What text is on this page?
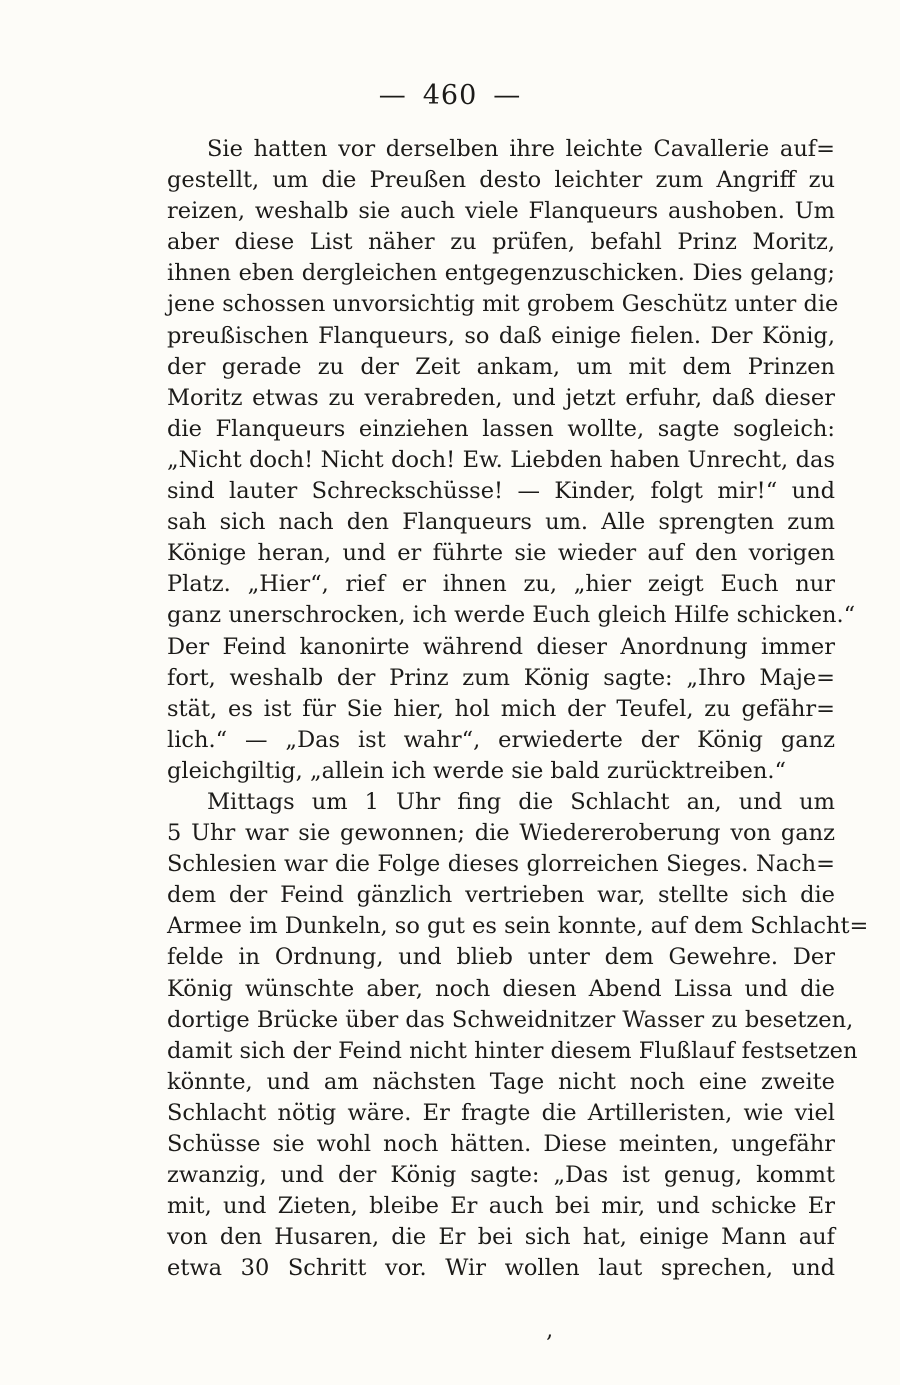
— 460 —
Sie hatten vor derselben ihre leichte Cavallerie auf=
gestellt, um die Preußen desto leichter zum Angriff zu
reizen, weshalb sie auch viele Flanqueurs aushoben. Um
aber diese List näher zu prüfen, befahl Prinz Moritz,
ihnen eben dergleichen entgegenzuschicken. Dies gelang;
jene schossen unvorsichtig mit grobem Geschütz unter die
preußischen Flanqueurs, so daß einige fielen. Der König,
der gerade zu der Zeit ankam, um mit dem Prinzen
Moritz etwas zu verabreden, und jetzt erfuhr, daß dieser
die Flanqueurs einziehen lassen wollte, sagte sogleich:
„Nicht doch! Nicht doch! Ew. Liebden haben Unrecht, das
sind lauter Schreckschüsse! — Kinder, folgt mir!“ und
sah sich nach den Flanqueurs um. Alle sprengten zum
Könige heran, und er führte sie wieder auf den vorigen
Platz. „Hier“, rief er ihnen zu, „hier zeigt Euch nur
ganz unerschrocken, ich werde Euch gleich Hilfe schicken.“
Der Feind kanonirte während dieser Anordnung immer
fort, weshalb der Prinz zum König sagte: „Ihro Maje=
stät, es ist für Sie hier, hol mich der Teufel, zu gefähr=
lich.“ — „Das ist wahr“, erwiederte der König ganz
gleichgiltig, „allein ich werde sie bald zurücktreiben.“
Mittags um 1 Uhr fing die Schlacht an, und um
5 Uhr war sie gewonnen; die Wiedereroberung von ganz
Schlesien war die Folge dieses glorreichen Sieges. Nach=
dem der Feind gänzlich vertrieben war, stellte sich die
Armee im Dunkeln, so gut es sein konnte, auf dem Schlacht=
felde in Ordnung, und blieb unter dem Gewehre. Der
König wünschte aber, noch diesen Abend Lissa und die
dortige Brücke über das Schweidnitzer Wasser zu besetzen,
damit sich der Feind nicht hinter diesem Flußlauf festsetzen
könnte, und am nächsten Tage nicht noch eine zweite
Schlacht nötig wäre. Er fragte die Artilleristen, wie viel
Schüsse sie wohl noch hätten. Diese meinten, ungefähr
zwanzig, und der König sagte: „Das ist genug, kommt
mit, und Zieten, bleibe Er auch bei mir, und schicke Er
von den Husaren, die Er bei sich hat, einige Mann auf
etwa 30 Schritt vor. Wir wollen laut sprechen, und
‚
